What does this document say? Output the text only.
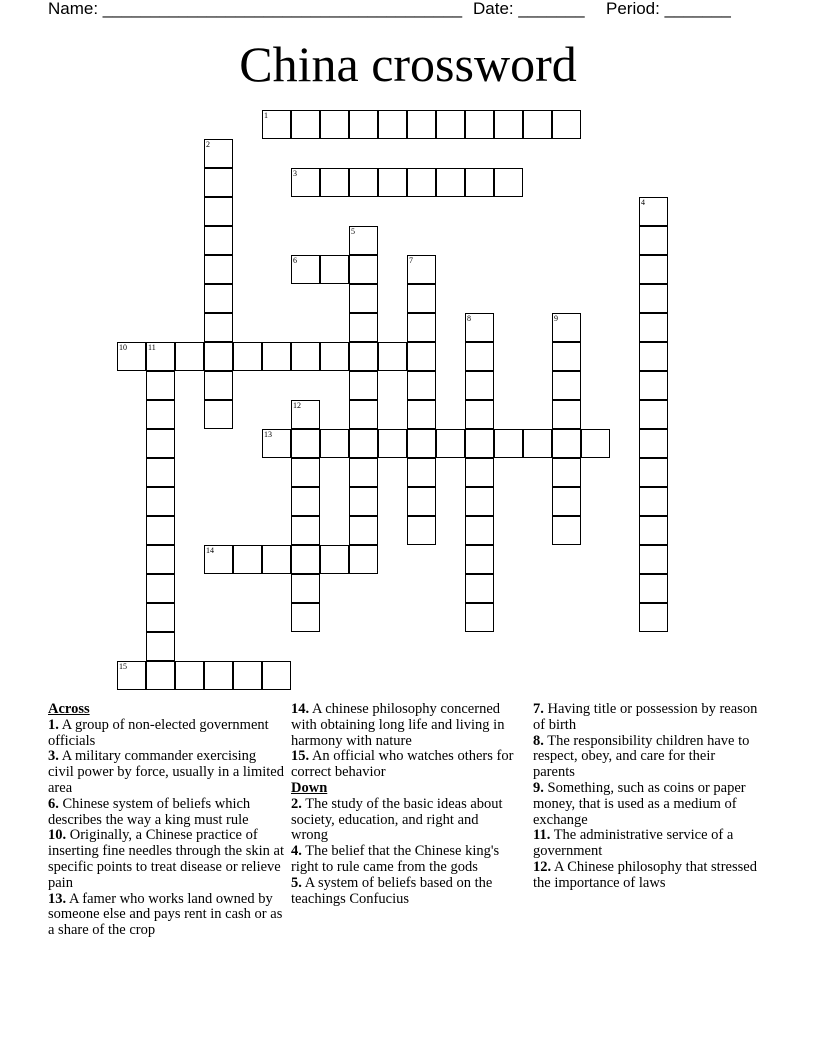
Name: ______________________________________ Date: _______ Period: _______
China crossword
1
2
3
4
5
6	7
8	9
10	11
12
13
14
15
Across
1. A group of non-elected government officials
3. A military commander exercising civil power by force, usually in a limited area
6. Chinese system of beliefs which describes the way a king must rule
10. Originally, a Chinese practice of inserting fine needles through the skin at specific points to treat disease or relieve pain
13. A famer who works land owned by someone else and pays rent in cash or as a share of the crop
14. A chinese philosophy concerned with obtaining long life and living in harmony with nature
15. An official who watches others for correct behavior
Down
2. The study of the basic ideas about society, education, and right and wrong
4. The belief that the Chinese king's right to rule came from the gods
5. A system of beliefs based on the teachings Confucius
7. Having title or possession by reason of birth
8. The responsibility children have to respect, obey, and care for their parents
9. Something, such as coins or paper money, that is used as a medium of exchange
11. The administrative service of a government
12. A Chinese philosophy that stressed the importance of laws
